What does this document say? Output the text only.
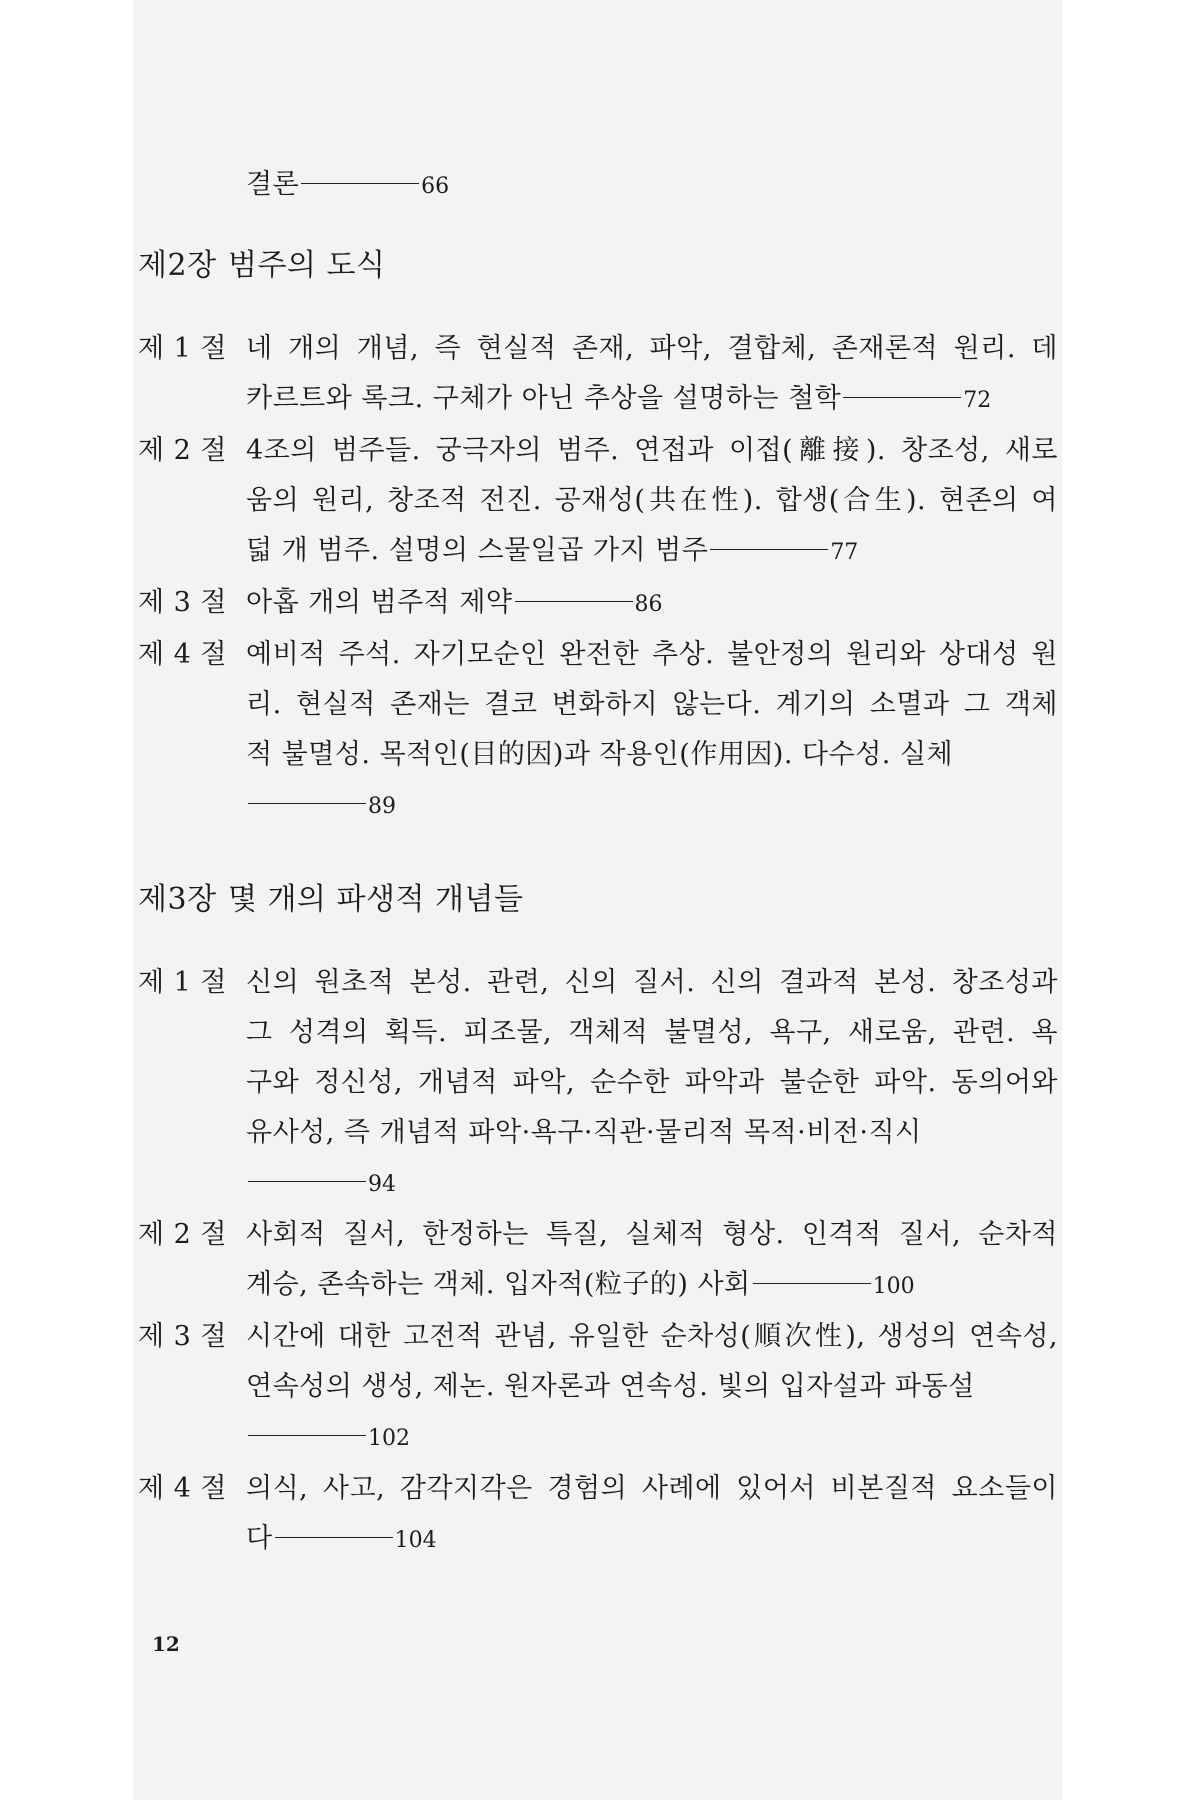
결론	66
제2장 범주의 도식
제 1 절 네 개의 개념, 즉 현실적 존재, 파악, 결합체, 존재론적 원리. 데
카르트와 록크. 구체가 아닌 추상을 설명하는 철학	72
제 2 절 4조의 범주들. 궁극자의 범주. 연접과 이접(離接). 창조성, 새로
움의 원리, 창조적 전진. 공재성(共在性). 합생(合生). 현존의 여
덟 개 범주. 설명의 스물일곱 가지 범주	77
제 3 절 아홉 개의 범주적 제약	86
제 4 절 예비적 주석. 자기모순인 완전한 추상. 불안정의 원리와 상대성 원
리. 현실적 존재는 결코 변화하지 않는다. 계기의 소멸과 그 객체
적 불멸성. 목적인(目的因)과 작용인(作用因). 다수성. 실체
89
제3장 몇 개의 파생적 개념들
제 1 절 신의 원초적 본성. 관련, 신의 질서. 신의 결과적 본성. 창조성과
그 성격의 획득. 피조물, 객체적 불멸성, 욕구, 새로움, 관련. 욕
구와 정신성, 개념적 파악, 순수한 파악과 불순한 파악. 동의어와
유사성, 즉 개념적 파악·욕구·직관·물리적 목적·비전·직시
94
제 2 절 사회적 질서, 한정하는 특질, 실체적 형상. 인격적 질서, 순차적
계승, 존속하는 객체. 입자적(粒子的) 사회	100
제 3 절 시간에 대한 고전적 관념, 유일한 순차성(順次性), 생성의 연속성,
연속성의 생성, 제논. 원자론과 연속성. 빛의 입자설과 파동설
102
제 4 절 의식, 사고, 감각지각은 경험의 사례에 있어서 비본질적 요소들이
다	104
12
